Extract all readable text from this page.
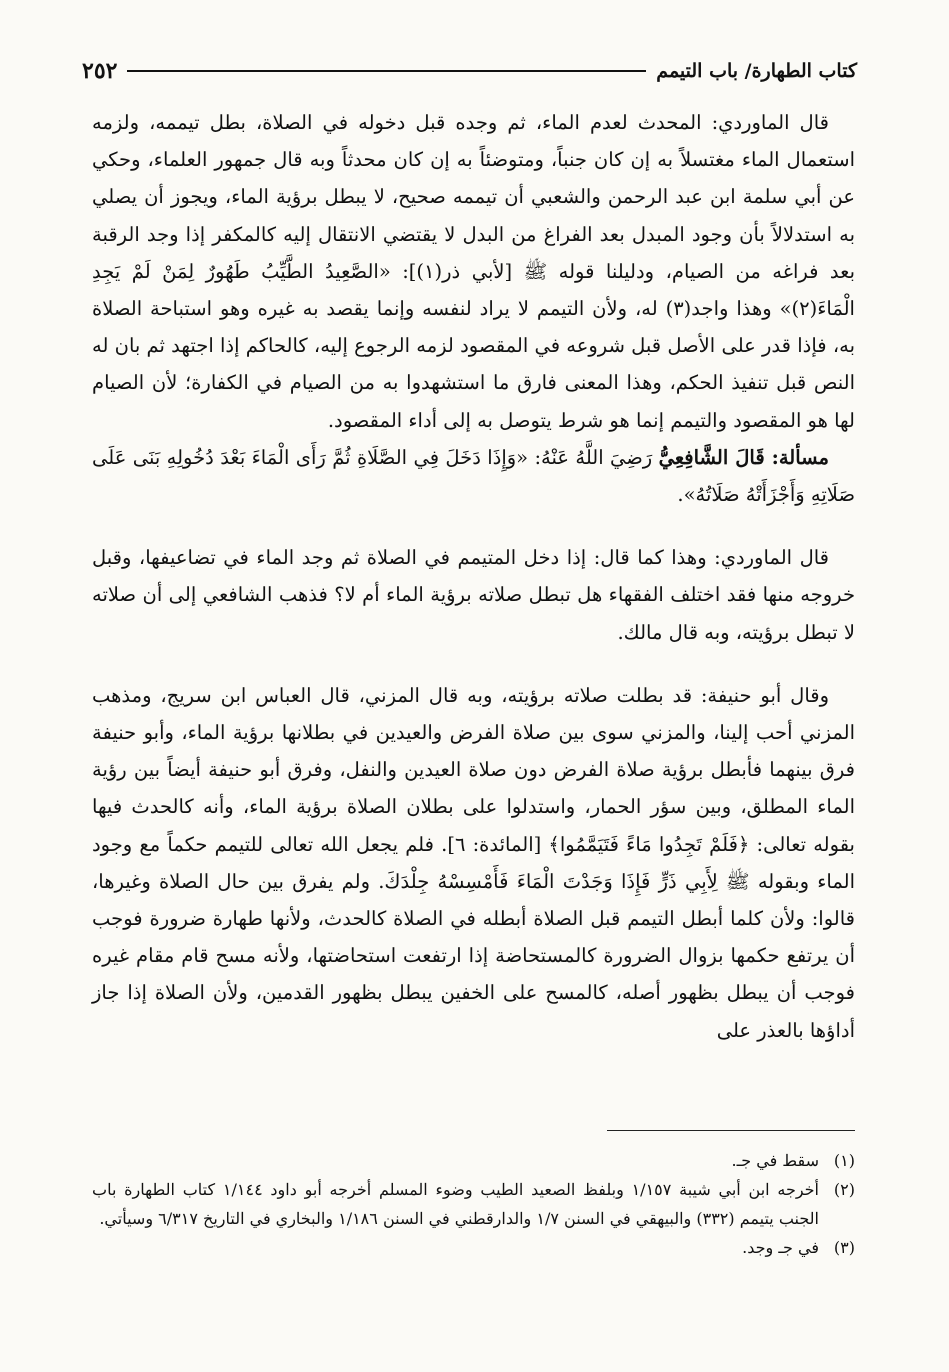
كتاب الطهارة/ باب التيمم
٢٥٢

قال الماوردي: المحدث لعدم الماء، ثم وجده قبل دخوله في الصلاة، بطل تيممه، ولزمه استعمال الماء مغتسلاً به إن كان جنباً، ومتوضئاً به إن كان محدثاً وبه قال جمهور العلماء، وحكي عن أبي سلمة ابن عبد الرحمن والشعبي أن تيممه صحيح، لا يبطل برؤية الماء، ويجوز أن يصلي به استدلالاً بأن وجود المبدل بعد الفراغ من البدل لا يقتضي الانتقال إليه كالمكفر إذا وجد الرقبة بعد فراغه من الصيام، ودليلنا قوله ﷺ [لأبي ذر(١)]: «الصَّعِيدُ الطَّيِّبُ طَهُورٌ لِمَنْ لَمْ يَجِدِ الْمَاءَ(٢)» وهذا واجد(٣) له، ولأن التيمم لا يراد لنفسه وإنما يقصد به غيره وهو استباحة الصلاة به، فإذا قدر على الأصل قبل شروعه في المقصود لزمه الرجوع إليه، كالحاكم إذا اجتهد ثم بان له النص قبل تنفيذ الحكم، وهذا المعنى فارق ما استشهدوا به من الصيام في الكفارة؛ لأن الصيام لها هو المقصود والتيمم إنما هو شرط يتوصل به إلى أداء المقصود.

مسألة: قَالَ الشَّافِعِيُّ رَضِيَ اللَّهُ عَنْهُ: «وَإِذَا دَخَلَ فِي الصَّلَاةِ ثُمَّ رَأَى الْمَاءَ بَعْدَ دُخُولِهِ بَنَى عَلَى صَلَاتِهِ وَأَجْزَأَتْهُ صَلَاتُهُ».

قال الماوردي: وهذا كما قال: إذا دخل المتيمم في الصلاة ثم وجد الماء في تضاعيفها، وقبل خروجه منها فقد اختلف الفقهاء هل تبطل صلاته برؤية الماء أم لا؟ فذهب الشافعي إلى أن صلاته لا تبطل برؤيته، وبه قال مالك.

وقال أبو حنيفة: قد بطلت صلاته برؤيته، وبه قال المزني، قال العباس ابن سريج، ومذهب المزني أحب إلينا، والمزني سوى بين صلاة الفرض والعيدين في بطلانها برؤية الماء، وأبو حنيفة فرق بينهما فأبطل برؤية صلاة الفرض دون صلاة العيدين والنفل، وفرق أبو حنيفة أيضاً بين رؤية الماء المطلق، وبين سؤر الحمار، واستدلوا على بطلان الصلاة برؤية الماء، وأنه كالحدث فيها بقوله تعالى: ﴿فَلَمْ تَجِدُوا مَاءً فَتَيَمَّمُوا﴾ [المائدة: ٦]. فلم يجعل الله تعالى للتيمم حكماً مع وجود الماء وبقوله ﷺ لِأَبِي ذَرٍّ فَإِذَا وَجَدْتَ الْمَاءَ فَأَمْسِسْهُ جِلْدَكَ. ولم يفرق بين حال الصلاة وغيرها، قالوا: ولأن كلما أبطل التيمم قبل الصلاة أبطله في الصلاة كالحدث، ولأنها طهارة ضرورة فوجب أن يرتفع حكمها بزوال الضرورة كالمستحاضة إذا ارتفعت استحاضتها، ولأنه مسح قام مقام غيره فوجب أن يبطل بظهور أصله، كالمسح على الخفين يبطل بظهور القدمين، ولأن الصلاة إذا جاز أداؤها بالعذر على

(١)
سقط في جـ.
(٢)
أخرجه ابن أبي شيبة ١/١٥٧ وبلفظ الصعيد الطيب وضوء المسلم أخرجه أبو داود ١/١٤٤ كتاب الطهارة باب الجنب يتيمم (٣٣٢) والبيهقي في السنن ١/٧ والدارقطني في السنن ١/١٨٦ والبخاري في التاريخ ٦/٣١٧ وسيأتي.
(٣)
في جـ وجد.
